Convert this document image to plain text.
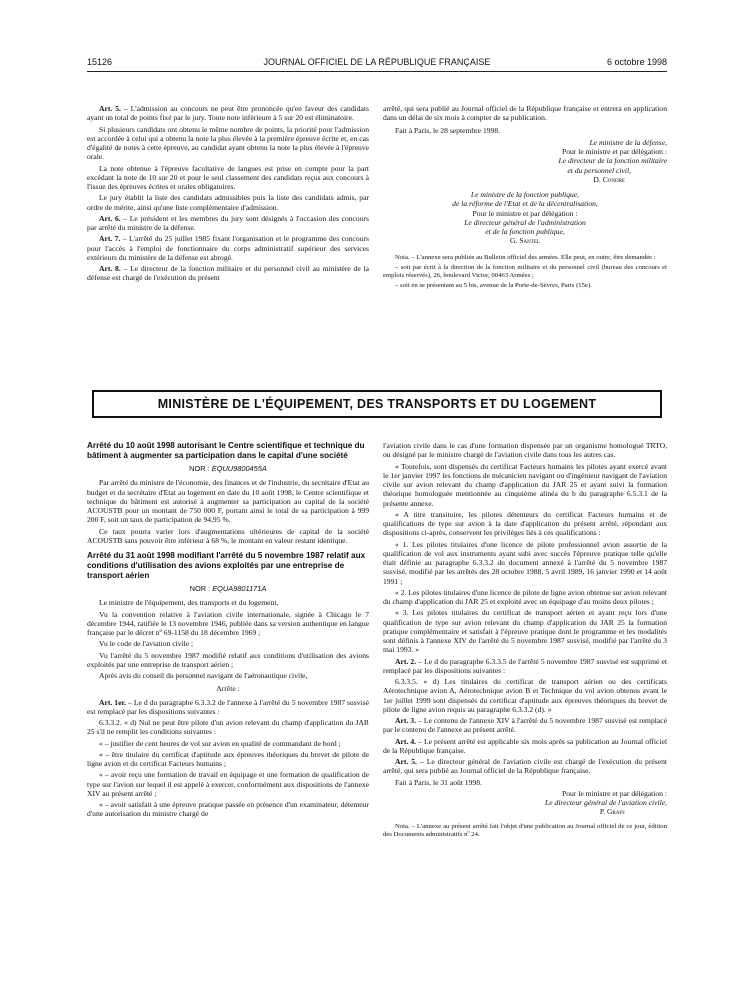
15126	JOURNAL OFFICIEL DE LA RÉPUBLIQUE FRANÇAISE	6 octobre 1998

Art. 5. – L'admission au concours ne peut être prononcée qu'en faveur des candidats ayant un total de points fixé par le jury. Toute note inférieure à 5 sur 20 est éliminatoire.

Si plusieurs candidats ont obtenu le même nombre de points, la priorité pour l'admission est accordée à celui qui a obtenu la note la plus élevée à la première épreuve écrite et, en cas d'égalité de notes à cette épreuve, au candidat ayant obtenu la note la plus élevée à l'épreuve orale.

La note obtenue à l'épreuve facultative de langues est prise en compte pour la part excédant la note de 10 sur 20 et pour le seul classement des candidats reçus aux concours à l'issue des épreuves écrites et orales obligatoires.

Le jury établit la liste des candidats admissibles puis la liste des candidats admis, par ordre de mérite, ainsi qu'une liste complémentaire d'admission.

Art. 6. – Le président et les membres du jury sont désignés à l'occasion des concours par arrêté du ministre de la défense.

Art. 7. – L'arrêté du 25 juillet 1985 fixant l'organisation et le programme des concours pour l'accès à l'emploi de fonctionnaire du corps administratif supérieur des services extérieurs du ministère de la défense est abrogé.

Art. 8. – Le directeur de la fonction militaire et du personnel civil au ministère de la défense est chargé de l'exécution du présent

arrêté, qui sera publié au Journal officiel de la République française et entrera en application dans un délai de six mois à compter de sa publication.

Fait à Paris, le 28 septembre 1998.

Le ministre de la défense,
Pour le ministre et par délégation :
Le directeur de la fonction militaire
et du personnel civil,
D. Condre
Le ministre de la fonction publique,
de la réforme de l'Etat et de la décentralisation,
Pour le ministre et par délégation :
Le directeur général de l'administration
et de la fonction publique,
G. Santel

Nota. – L'annexe sera publiée au Bulletin officiel des armées. Elle peut, en outre, être demandée :

– soit par écrit à la direction de la fonction militaire et du personnel civil (bureau des concours et emplois réservés), 26, boulevard Victor, 00463 Armées ;

– soit en se présentant au 5 bis, avenue de la Porte-de-Sèvres, Paris (15e).

MINISTÈRE DE L'ÉQUIPEMENT, DES TRANSPORTS ET DU LOGEMENT
Arrêté du 10 août 1998 autorisant le Centre scientifique et technique du bâtiment à augmenter sa participation dans le capital d'une société
NOR : EQUU9800455A

Par arrêté du ministre de l'économie, des finances et de l'industrie, du secrétaire d'Etat au budget et du secrétaire d'Etat au logement en date du 10 août 1998, le Centre scientifique et technique du bâtiment est autorisé à augmenter sa participation au capital de la société ACOUSTB pour un montant de 750 000 F, portant ainsi le total de sa participation à 999 200 F, soit un taux de participation de 94,95 %.

Ce taux pourra varier lors d'augmentations ultérieures de capital de la société ACOUSTB sans pouvoir être inférieur à 68 %, le montant en valeur restant identique.

Arrêté du 31 août 1998 modifiant l'arrêté du 5 novembre 1987 relatif aux conditions d'utilisation des avions exploités par une entreprise de transport aérien
NOR : EQUA9801171A

Le ministre de l'équipement, des transports et du logement,

Vu la convention relative à l'aviation civile internationale, signée à Chicago le 7 décembre 1944, ratifiée le 13 novembre 1946, publiée dans sa version authentique en langue française par le décret nº 69-1158 du 18 décembre 1969 ;

Vu le code de l'aviation civile ;

Vu l'arrêté du 5 novembre 1987 modifié relatif aux conditions d'utilisation des avions exploités par une entreprise de transport aérien ;

Après avis du conseil du personnel navigant de l'aéronautique civile,

Arrête :

Art. 1er. – Le d du paragraphe 6.3.3.2 de l'annexe à l'arrêté du 5 novembre 1987 susvisé est remplacé par les dispositions suivantes :

6.3.3.2. « d) Nul ne peut être pilote d'un avion relevant du champ d'application du JAR 25 s'il ne remplit les conditions suivantes :

« – justifier de cent heures de vol sur avion en qualité de commandant de bord ;

« – être titulaire du certificat d'aptitude aux épreuves théoriques du brevet de pilote de ligne avion et du certificat Facteurs humains ;

« – avoir reçu une formation de travail en équipage et une formation de qualification de type sur l'avion sur lequel il est appelé à exercer, conformément aux dispositions de l'annexe XIV au présent arrêté ;

« – avoir satisfait à une épreuve pratique passée en présence d'un examinateur, détenteur d'une autorisation du ministre chargé de

l'aviation civile dans le cas d'une formation dispensée par un organisme homologué TRTO, ou désigné par le ministre chargé de l'aviation civile dans tous les autres cas.

« Toutefois, sont dispensés du certificat Facteurs humains les pilotes ayant exercé avant le 1er janvier 1997 les fonctions de mécanicien navigant ou d'ingénieur navigant de l'aviation civile sur avion relevant du champ d'application du JAR 25 et ayant suivi la formation théorique homologuée mentionnée au cinquième alinéa du b du paragraphe 6.5.3.1 de la présente annexe.

« A titre transitoire, les pilotes détenteurs du certificat Facteurs humains et de qualifications de type sur avion à la date d'application du présent arrêté, répondant aux dispositions ci-après, conservent les privilèges liés à ces qualifications :

« 1. Les pilotes titulaires d'une licence de pilote professionnel avion assortie de la qualification de vol aux instruments ayant subi avec succès l'épreuve pratique telle qu'elle était définie au paragraphe 6.3.3.2 du document annexé à l'arrêté du 5 novembre 1987 susvisé, modifié par les arrêtés des 28 octobre 1988, 5 avril 1989, 16 janvier 1990 et 14 août 1991 ;

« 2. Les pilotes titulaires d'une licence de pilote de ligne avion obtenue sur avion relevant du champ d'application du JAR 25 et exploité avec un équipage d'au moins deux pilotes ;

« 3. Les pilotes titulaires du certificat de transport aérien et ayant reçu lors d'une qualification de type sur avion relevant du champ d'application du JAR 25 la formation pratique complémentaire et satisfait à l'épreuve pratique dont le programme et les modalités sont définis à l'annexe XIV de l'arrêté du 5 novembre 1987 susvisé, modifié par l'arrêté du 3 mai 1993. »

Art. 2. – Le d du paragraphe 6.3.3.5 de l'arrêté 5 novembre 1987 susvisé est supprimé et remplacé par les dispositions suivantes :

6.3.3.5. « d) Les titulaires du certificat de transport aérien ou des certificats Aérotechnique avion A, Aérotechnique avion B et Technique du vol avion obtenus avant le 1er juillet 1999 sont dispensés du certificat d'aptitude aux épreuves théoriques du brevet de pilote de ligne avion requis au paragraphe 6.3.3.2 (d). »

Art. 3. – Le contenu de l'annexe XIV à l'arrêté du 5 novembre 1987 susvisé est remplacé par le contenu de l'annexe au présent arrêté.

Art. 4. – Le présent arrêté est applicable six mois après sa publication au Journal officiel de la République française.

Art. 5. – Le directeur général de l'aviation civile est chargé de l'exécution du présent arrêté, qui sera publié au Journal officiel de la République française.

Fait à Paris, le 31 août 1998.

Pour le ministre et par délégation :
Le directeur général de l'aviation civile,
P. Graff

Nota. – L'annexe au présent arrêté fait l'objet d'une publication au Journal officiel de ce jour, édition des Documents administratifs nº 24.
